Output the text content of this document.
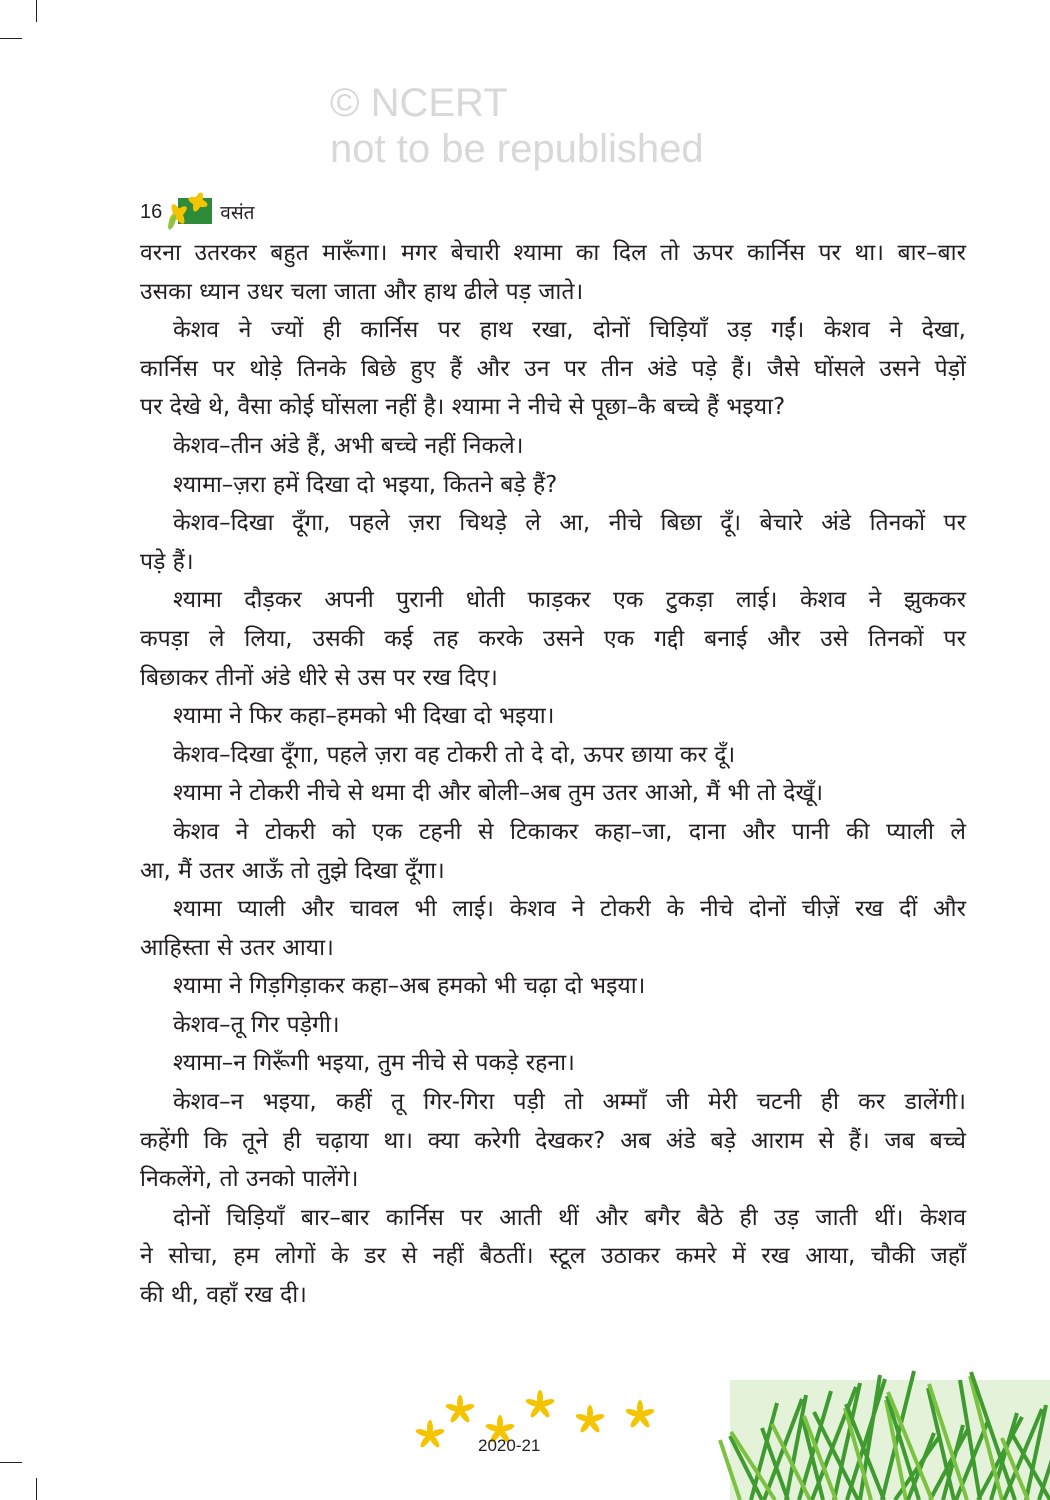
© NCERT
not to be republished
16	वसंत
वरना उतरकर बहुत मारूँगा। मगर बेचारी श्यामा का दिल तो ऊपर कार्निस पर था। बार–बार
उसका ध्यान उधर चला जाता और हाथ ढीले पड़ जाते।
केशव ने ज्यों ही कार्निस पर हाथ रखा, दोनों चिड़ियाँ उड़ गईं। केशव ने देखा,
कार्निस पर थोड़े तिनके बिछे हुए हैं और उन पर तीन अंडे पड़े हैं। जैसे घोंसले उसने पेड़ों
पर देखे थे, वैसा कोई घोंसला नहीं है। श्यामा ने नीचे से पूछा–कै बच्चे हैं भइया?
केशव–तीन अंडे हैं, अभी बच्चे नहीं निकले।
श्यामा–ज़रा हमें दिखा दो भइया, कितने बड़े हैं?
केशव–दिखा दूँगा, पहले ज़रा चिथड़े ले आ, नीचे बिछा दूँ। बेचारे अंडे तिनकों पर
पड़े हैं।
श्यामा दौड़कर अपनी पुरानी धोती फाड़कर एक टुकड़ा लाई। केशव ने झुककर
कपड़ा ले लिया, उसकी कई तह करके उसने एक गद्दी बनाई और उसे तिनकों पर
बिछाकर तीनों अंडे धीरे से उस पर रख दिए।
श्यामा ने फिर कहा–हमको भी दिखा दो भइया।
केशव–दिखा दूँगा, पहले ज़रा वह टोकरी तो दे दो, ऊपर छाया कर दूँ।
श्यामा ने टोकरी नीचे से थमा दी और बोली–अब तुम उतर आओ, मैं भी तो देखूँ।
केशव ने टोकरी को एक टहनी से टिकाकर कहा–जा, दाना और पानी की प्याली ले
आ, मैं उतर आऊँ तो तुझे दिखा दूँगा।
श्यामा प्याली और चावल भी लाई। केशव ने टोकरी के नीचे दोनों चीज़ें रख दीं और
आहिस्ता से उतर आया।
श्यामा ने गिड़गिड़ाकर कहा–अब हमको भी चढ़ा दो भइया।
केशव–तू गिर पड़ेगी।
श्यामा–न गिरूँगी भइया, तुम नीचे से पकड़े रहना।
केशव–न भइया, कहीं तू गिर-गिरा पड़ी तो अम्माँ जी मेरी चटनी ही कर डालेंगी।
कहेंगी कि तूने ही चढ़ाया था। क्या करेगी देखकर? अब अंडे बड़े आराम से हैं। जब बच्चे
निकलेंगे, तो उनको पालेंगे।
दोनों चिड़ियाँ बार–बार कार्निस पर आती थीं और बगैर बैठे ही उड़ जाती थीं। केशव
ने सोचा, हम लोगों के डर से नहीं बैठतीं। स्टूल उठाकर कमरे में रख आया, चौकी जहाँ
की थी, वहाँ रख दी।
2020-21
